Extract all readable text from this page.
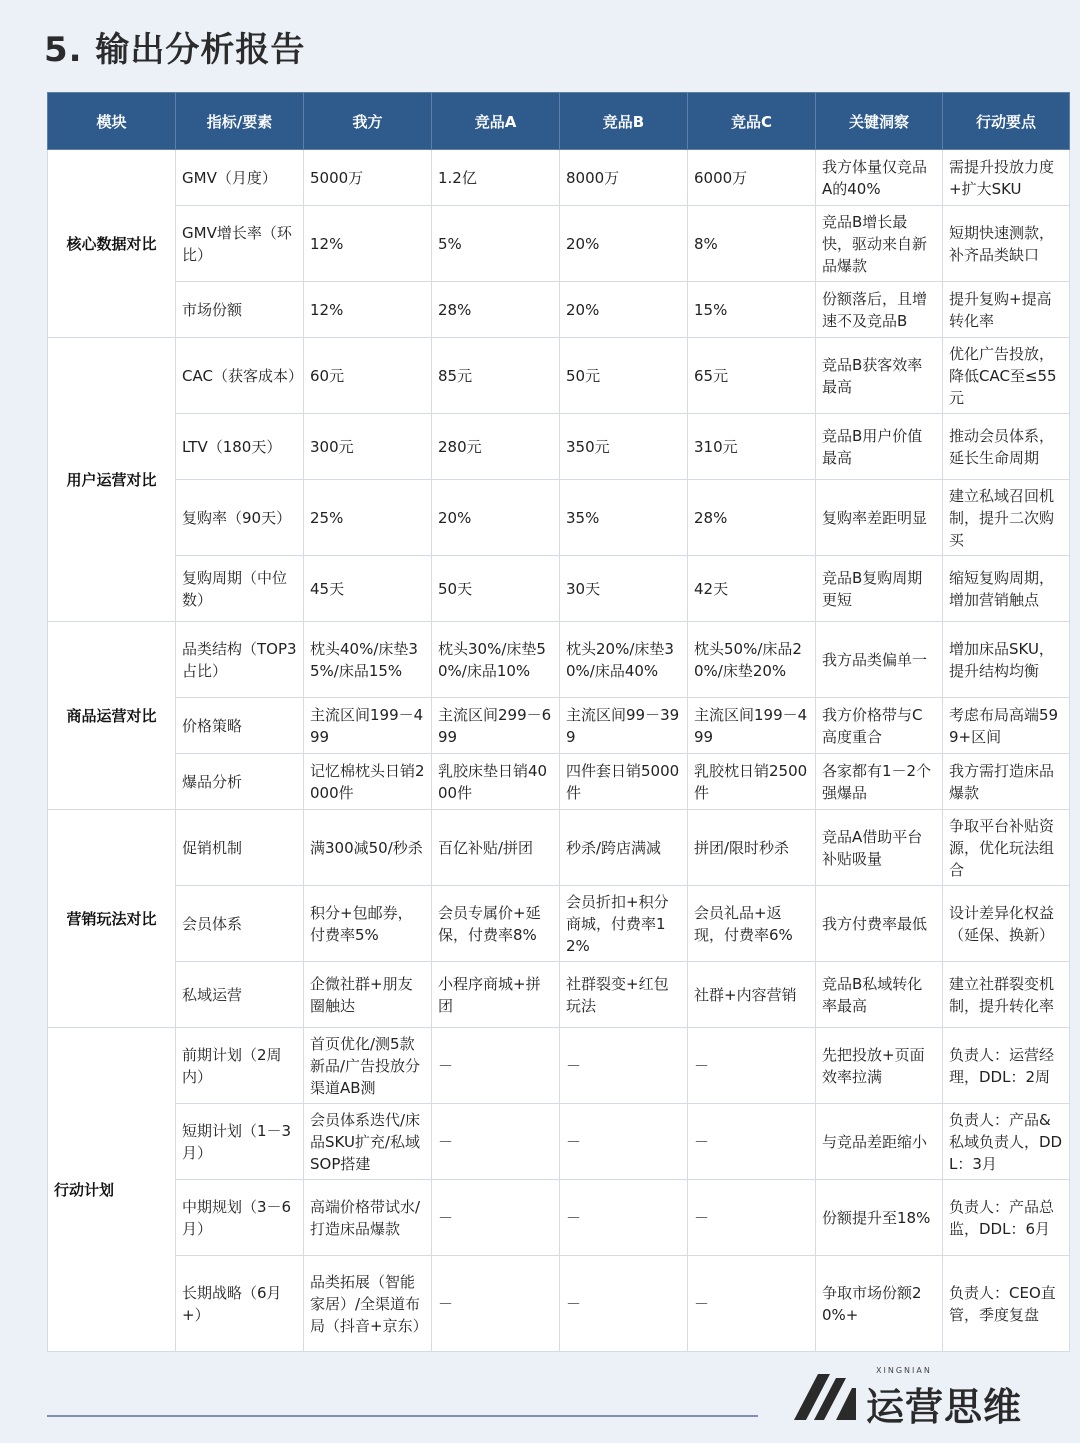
5. 输出分析报告
模块	指标/要素	我方	竞品A	竞品B	竞品C	关键洞察	行动要点
核心数据对比	GMV（月度）	5000万	1.2亿	8000万	6000万	我方体量仅竞品A的40%	需提升投放力度+扩大SKU
	GMV增长率（环比）	12%	5%	20%	8%	竞品B增长最快，驱动来自新品爆款	短期快速测款，补齐品类缺口
	市场份额	12%	28%	20%	15%	份额落后，且增速不及竞品B	提升复购+提高转化率
用户运营对比	CAC（获客成本）	60元	85元	50元	65元	竞品B获客效率最高	优化广告投放，降低CAC至≤55元
	LTV（180天）	300元	280元	350元	310元	竞品B用户价值最高	推动会员体系，延长生命周期
	复购率（90天）	25%	20%	35%	28%	复购率差距明显	建立私域召回机制，提升二次购买
	复购周期（中位数）	45天	50天	30天	42天	竞品B复购周期更短	缩短复购周期，增加营销触点
商品运营对比	品类结构（TOP3占比）	枕头40%/床垫35%/床品15%	枕头30%/床垫50%/床品10%	枕头20%/床垫30%/床品40%	枕头50%/床品20%/床垫20%	我方品类偏单一	增加床品SKU，提升结构均衡
	价格策略	主流区间199－499	主流区间299－699	主流区间99－399	主流区间199－499	我方价格带与C高度重合	考虑布局高端599+区间
	爆品分析	记忆棉枕头日销2000件	乳胶床垫日销4000件	四件套日销5000件	乳胶枕日销2500件	各家都有1－2个强爆品	我方需打造床品爆款
营销玩法对比	促销机制	满300减50/秒杀	百亿补贴/拼团	秒杀/跨店满减	拼团/限时秒杀	竞品A借助平台补贴吸量	争取平台补贴资源，优化玩法组合
	会员体系	积分+包邮券，付费率5%	会员专属价+延保，付费率8%	会员折扣+积分商城，付费率12%	会员礼品+返现，付费率6%	我方付费率最低	设计差异化权益（延保、换新）
	私域运营	企微社群+朋友圈触达	小程序商城+拼团	社群裂变+红包玩法	社群+内容营销	竞品B私域转化率最高	建立社群裂变机制，提升转化率
行动计划	前期计划（2周内）	首页优化/测5款新品/广告投放分渠道AB测	－	－	－	先把投放+页面效率拉满	负责人：运营经理，DDL：2周
	短期计划（1－3月）	会员体系迭代/床品SKU扩充/私域SOP搭建	－	－	－	与竞品差距缩小	负责人：产品&私域负责人，DDL：3月
	中期规划（3－6月）	高端价格带试水/打造床品爆款	－	－	－	份额提升至18%	负责人：产品总监，DDL：6月
	长期战略（6月+）	品类拓展（智能家居）/全渠道布局（抖音+京东）	－	－	－	争取市场份额20%+	负责人：CEO直管，季度复盘
XINGNIAN
运营思维
